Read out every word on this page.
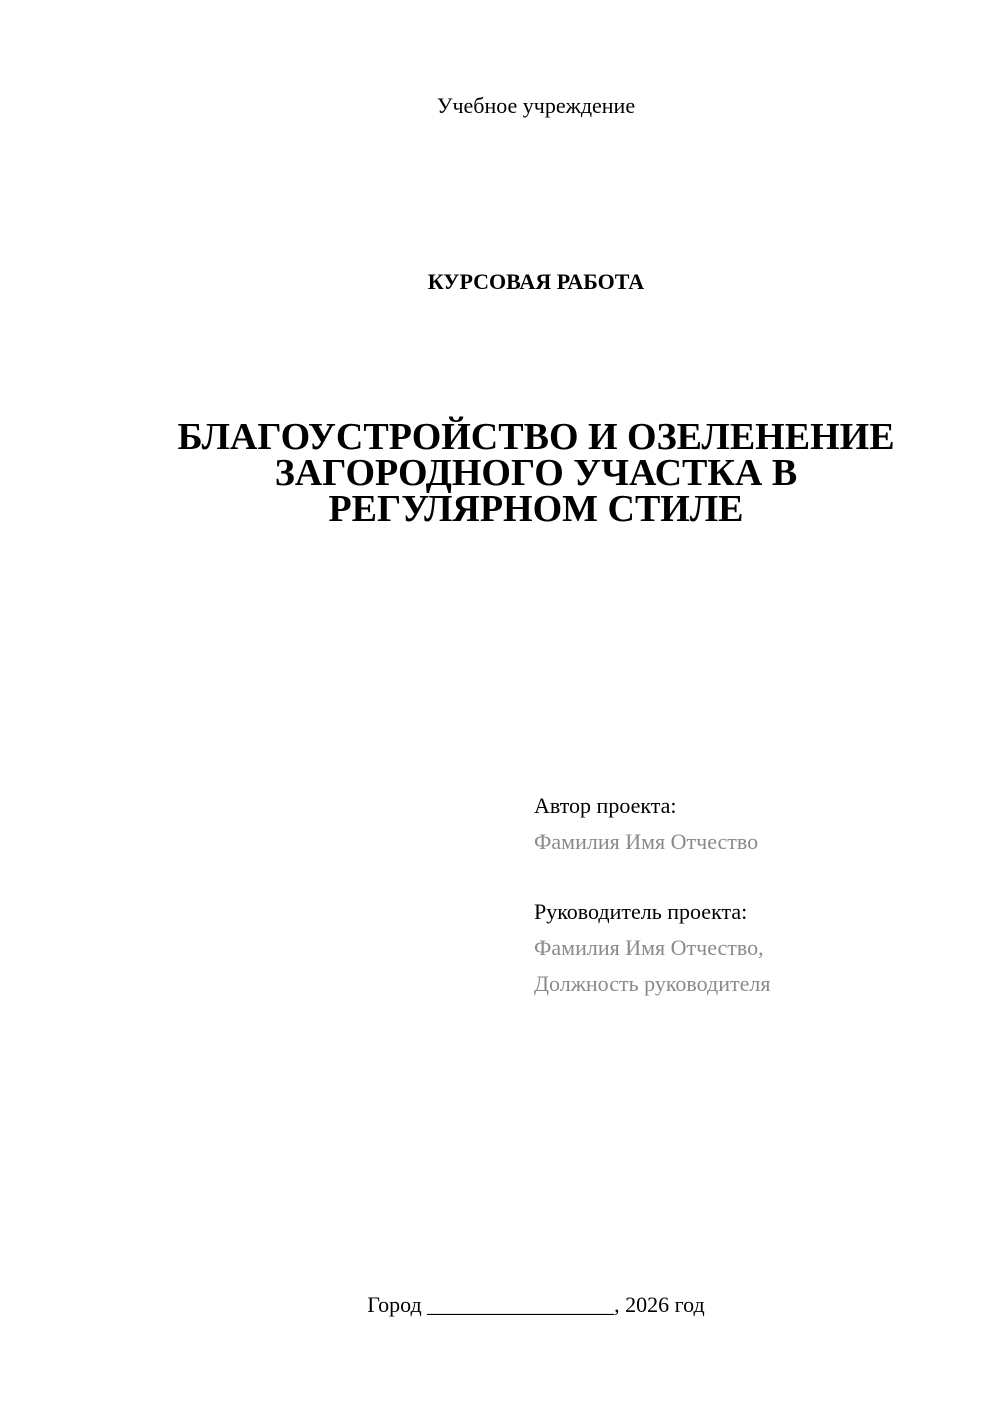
Учебное учреждение
КУРСОВАЯ РАБОТА
БЛАГОУСТРОЙСТВО И ОЗЕЛЕНЕНИЕ
ЗАГОРОДНОГО УЧАСТКА В
РЕГУЛЯРНОМ СТИЛЕ
Автор проекта:
Фамилия Имя Отчество
Руководитель проекта:
Фамилия Имя Отчество,
Должность руководителя
Город _________________, 2026 год
